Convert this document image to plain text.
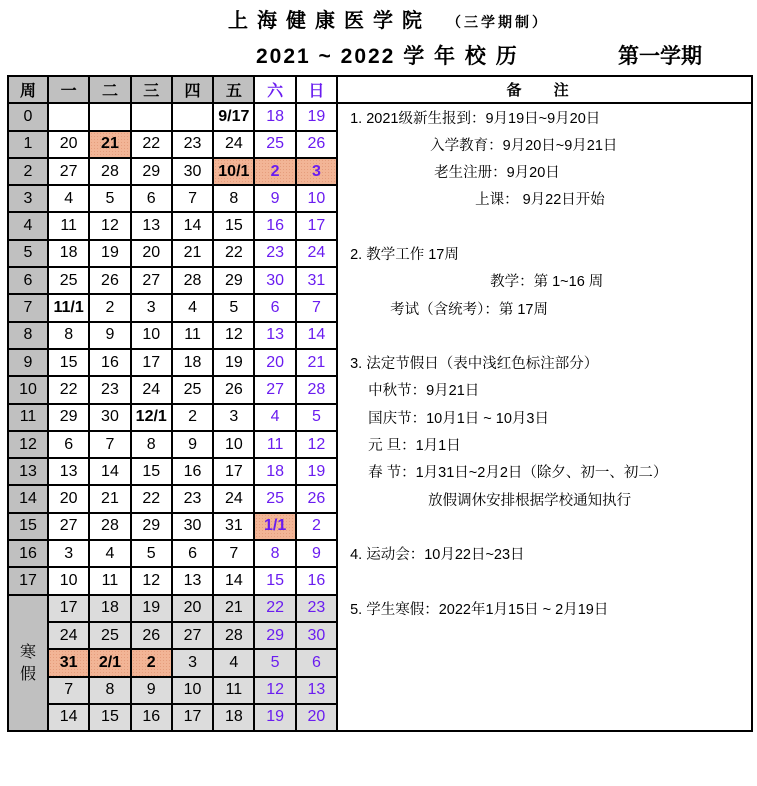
上海健康医学院 （三学期制）
2021 ~ 2022 学 年 校 历	第一学期
周	一	二	三	四	五	六	日	备 注
0					9/17	18	19	1. 2021级新生报到：9月19日~9月20日
1	20	21	22	23	24	25	26	入学教育：9月20日~9月21日
2	27	28	29	30	10/1	2	3	老生注册：9月20日
3	4	5	6	7	8	9	10	上课： 9月22日开始
4	11	12	13	14	15	16	17	
5	18	19	20	21	22	23	24	2. 教学工作 17周
6	25	26	27	28	29	30	31	教学：第 1~16 周
7	11/1	2	3	4	5	6	7	考试（含统考）：第 17周
8	8	9	10	11	12	13	14	
9	15	16	17	18	19	20	21	3. 法定节假日（表中浅红色标注部分）
10	22	23	24	25	26	27	28	中秋节：9月21日
11	29	30	12/1	2	3	4	5	国庆节：10月1日 ~ 10月3日
12	6	7	8	9	10	11	12	元 旦：1月1日
13	13	14	15	16	17	18	19	春 节：1月31日~2月2日（除夕、初一、初二）
14	20	21	22	23	24	25	26	放假调休安排根据学校通知执行
15	27	28	29	30	31	1/1	2	
16	3	4	5	6	7	8	9	4. 运动会：10月22日~23日
17	10	11	12	13	14	15	16	
寒假	17	18	19	20	21	22	23	5. 学生寒假：2022年1月15日 ~ 2月19日
	24	25	26	27	28	29	30	
	31	2/1	2	3	4	5	6	
	7	8	9	10	11	12	13	
	14	15	16	17	18	19	20	
